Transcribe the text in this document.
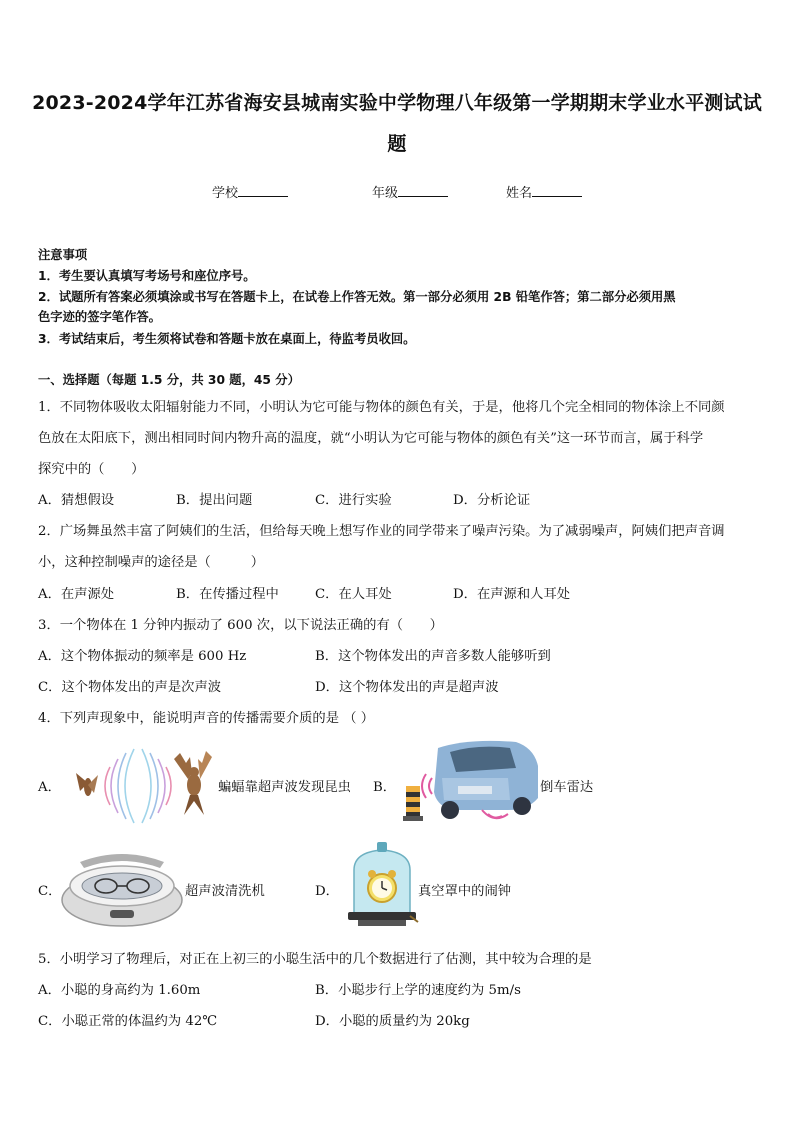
2023-2024学年江苏省海安县城南实验中学物理八年级第一学期期末学业水平测试试
题
学校	年级	姓名
注意事项
1．考生要认真填写考场号和座位序号。
2．试题所有答案必须填涂或书写在答题卡上，在试卷上作答无效。第一部分必须用 2B 铅笔作答；第二部分必须用黑
色字迹的签字笔作答。
3．考试结束后，考生须将试卷和答题卡放在桌面上，待监考员收回。
一、选择题（每题 1.5 分，共 30 题，45 分）
1．不同物体吸收太阳辐射能力不同，小明认为它可能与物体的颜色有关，于是，他将几个完全相同的物体涂上不同颜
色放在太阳底下，测出相同时间内物升高的温度，就“小明认为它可能与物体的颜色有关”这一环节而言，属于科学
探究中的（　　）
A．猜想假设	B．提出问题	C．进行实验	D．分析论证
2．广场舞虽然丰富了阿姨们的生活，但给每天晚上想写作业的同学带来了噪声污染。为了减弱噪声，阿姨们把声音调
小，这种控制噪声的途径是（　　　）
A．在声源处	B．在传播过程中	C．在人耳处	D．在声源和人耳处
3．一个物体在 1 分钟内振动了 600 次，以下说法正确的有（　　）
A．这个物体振动的频率是 600 Hz	B．这个物体发出的声音多数人能够听到
C．这个物体发出的声是次声波	D．这个物体发出的声是超声波
4．下列声现象中，能说明声音的传播需要介质的是 （ ）
A．	蝙蝠靠超声波发现昆虫 B．	倒车雷达
C．	超声波清洗机	D．	真空罩中的闹钟
5．小明学习了物理后，对正在上初三的小聪生活中的几个数据进行了估测，其中较为合理的是
A．小聪的身高约为 1.60m	B．小聪步行上学的速度约为 5m/s
C．小聪正常的体温约为 42℃	D．小聪的质量约为 20kg
